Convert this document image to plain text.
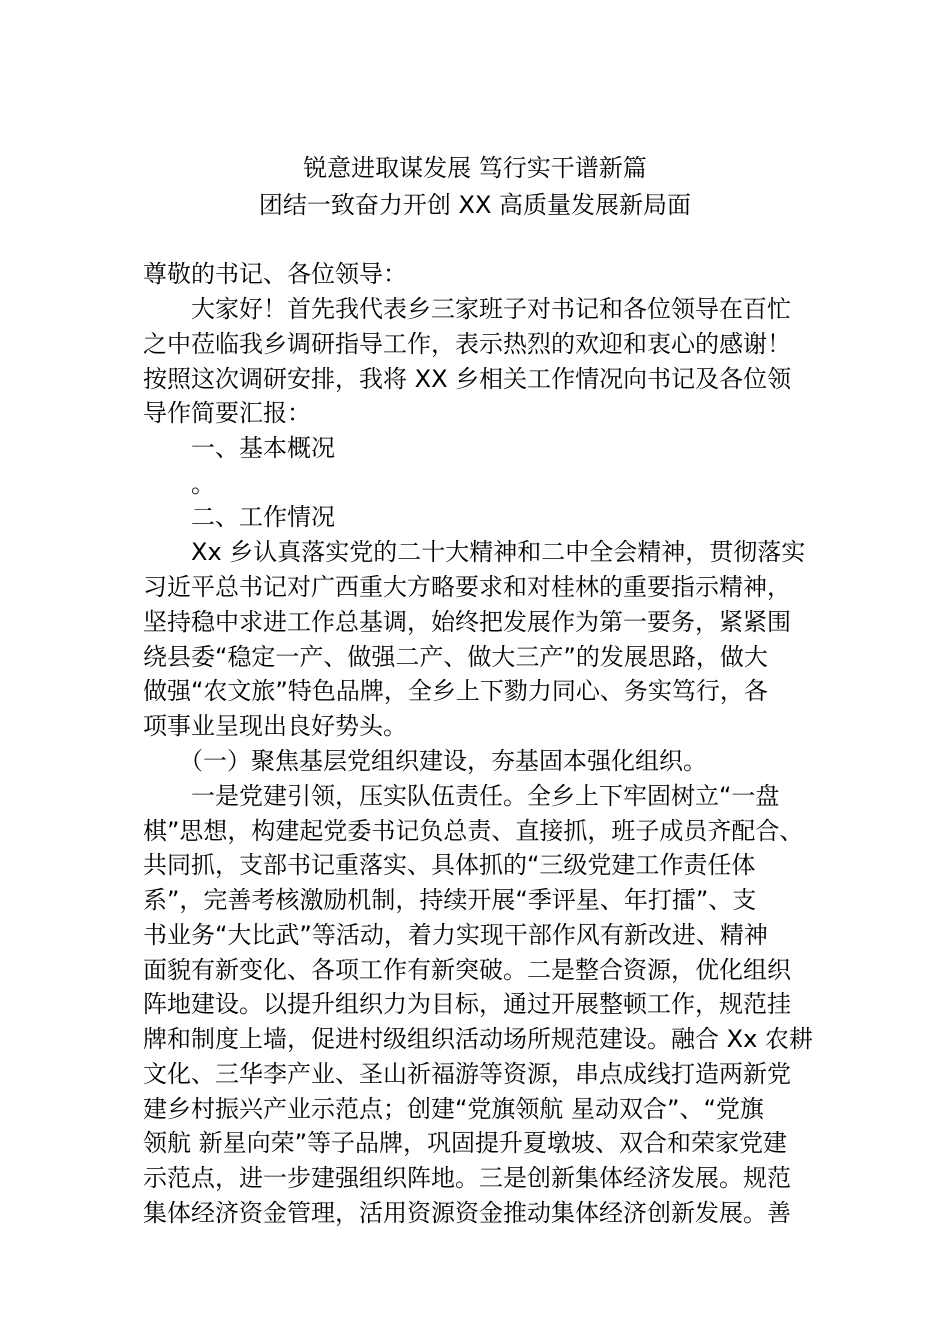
锐意进取谋发展 笃行实干谱新篇
团结一致奋力开创 XX 高质量发展新局面
尊敬的书记、各位领导：
　　大家好！首先我代表乡三家班子对书记和各位领导在百忙
之中莅临我乡调研指导工作，表示热烈的欢迎和衷心的感谢！
按照这次调研安排，我将 XX 乡相关工作情况向书记及各位领
导作简要汇报：
　　一、基本概况
　　。
　　二、工作情况
　　Xx 乡认真落实党的二十大精神和二中全会精神，贯彻落实
习近平总书记对广西重大方略要求和对桂林的重要指示精神，
坚持稳中求进工作总基调，始终把发展作为第一要务，紧紧围
绕县委“稳定一产、做强二产、做大三产”的发展思路，做大
做强“农文旅”特色品牌，全乡上下勠力同心、务实笃行，各
项事业呈现出良好势头。
　　（一）聚焦基层党组织建设，夯基固本强化组织。
　　一是党建引领，压实队伍责任。全乡上下牢固树立“一盘
棋”思想，构建起党委书记负总责、直接抓，班子成员齐配合、
共同抓，支部书记重落实、具体抓的“三级党建工作责任体
系”，完善考核激励机制，持续开展“季评星、年打擂”、支
书业务“大比武”等活动，着力实现干部作风有新改进、精神
面貌有新变化、各项工作有新突破。二是整合资源，优化组织
阵地建设。以提升组织力为目标，通过开展整顿工作，规范挂
牌和制度上墙，促进村级组织活动场所规范建设。融合 Xx 农耕
文化、三华李产业、圣山祈福游等资源，串点成线打造两新党
建乡村振兴产业示范点；创建“党旗领航 星动双合”、“党旗
领航 新星向荣”等子品牌，巩固提升夏墩坡、双合和荣家党建
示范点，进一步建强组织阵地。三是创新集体经济发展。规范
集体经济资金管理，活用资源资金推动集体经济创新发展。善
